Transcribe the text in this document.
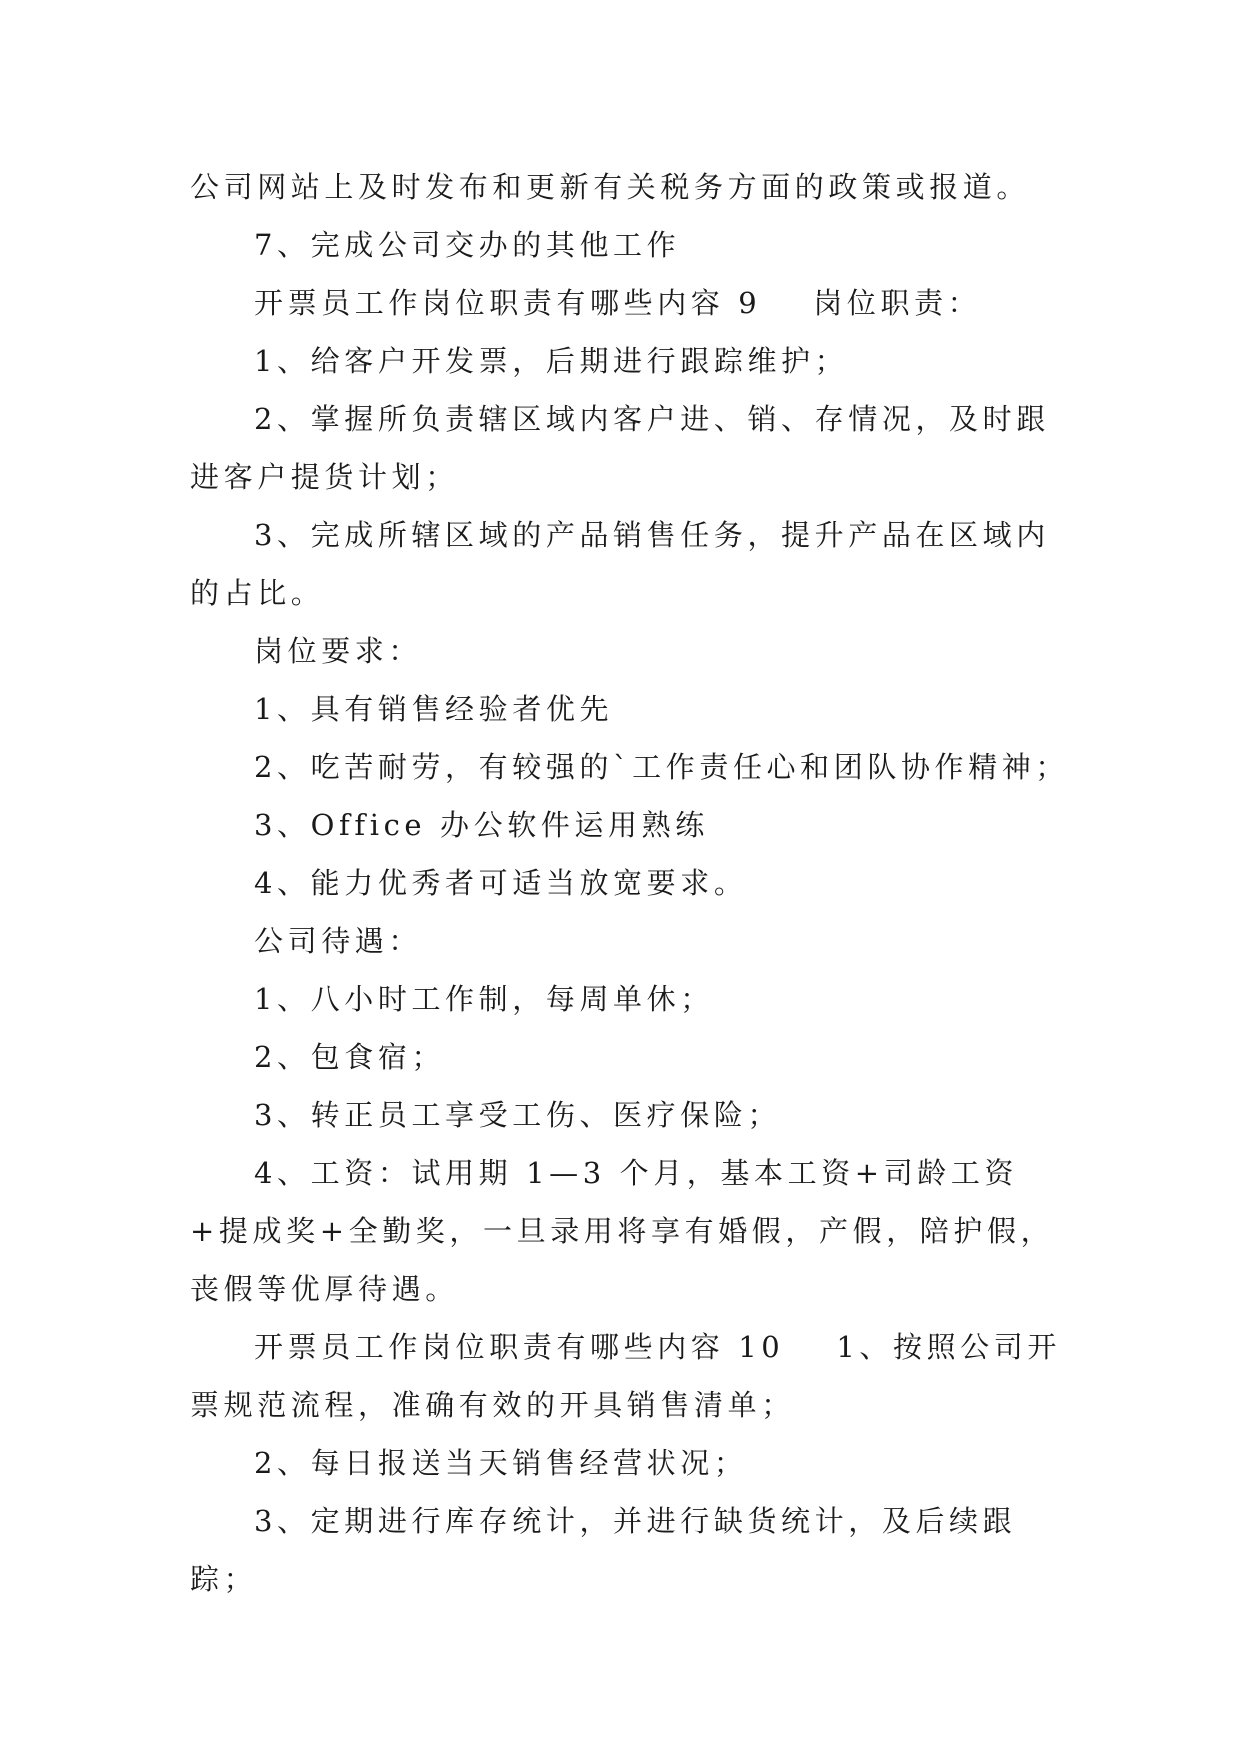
公司网站上及时发布和更新有关税务方面的政策或报道。

7、完成公司交办的其他工作

开票员工作岗位职责有哪些内容 9 岗位职责：

1、给客户开发票，后期进行跟踪维护；

2、掌握所负责辖区域内客户进、销、存情况，及时跟进客户提货计划；

3、完成所辖区域的产品销售任务，提升产品在区域内的占比。

岗位要求：

1、具有销售经验者优先

2、吃苦耐劳，有较强的`工作责任心和团队协作精神；

3、Office 办公软件运用熟练

4、能力优秀者可适当放宽要求。

公司待遇：

1、八小时工作制，每周单休；

2、包食宿；

3、转正员工享受工伤、医疗保险；

4、工资：试用期 1—3 个月，基本工资+司龄工资+提成奖+全勤奖，一旦录用将享有婚假，产假，陪护假，丧假等优厚待遇。

开票员工作岗位职责有哪些内容 10 1、按照公司开票规范流程，准确有效的开具销售清单；

2、每日报送当天销售经营状况；

3、定期进行库存统计，并进行缺货统计，及后续跟踪；
